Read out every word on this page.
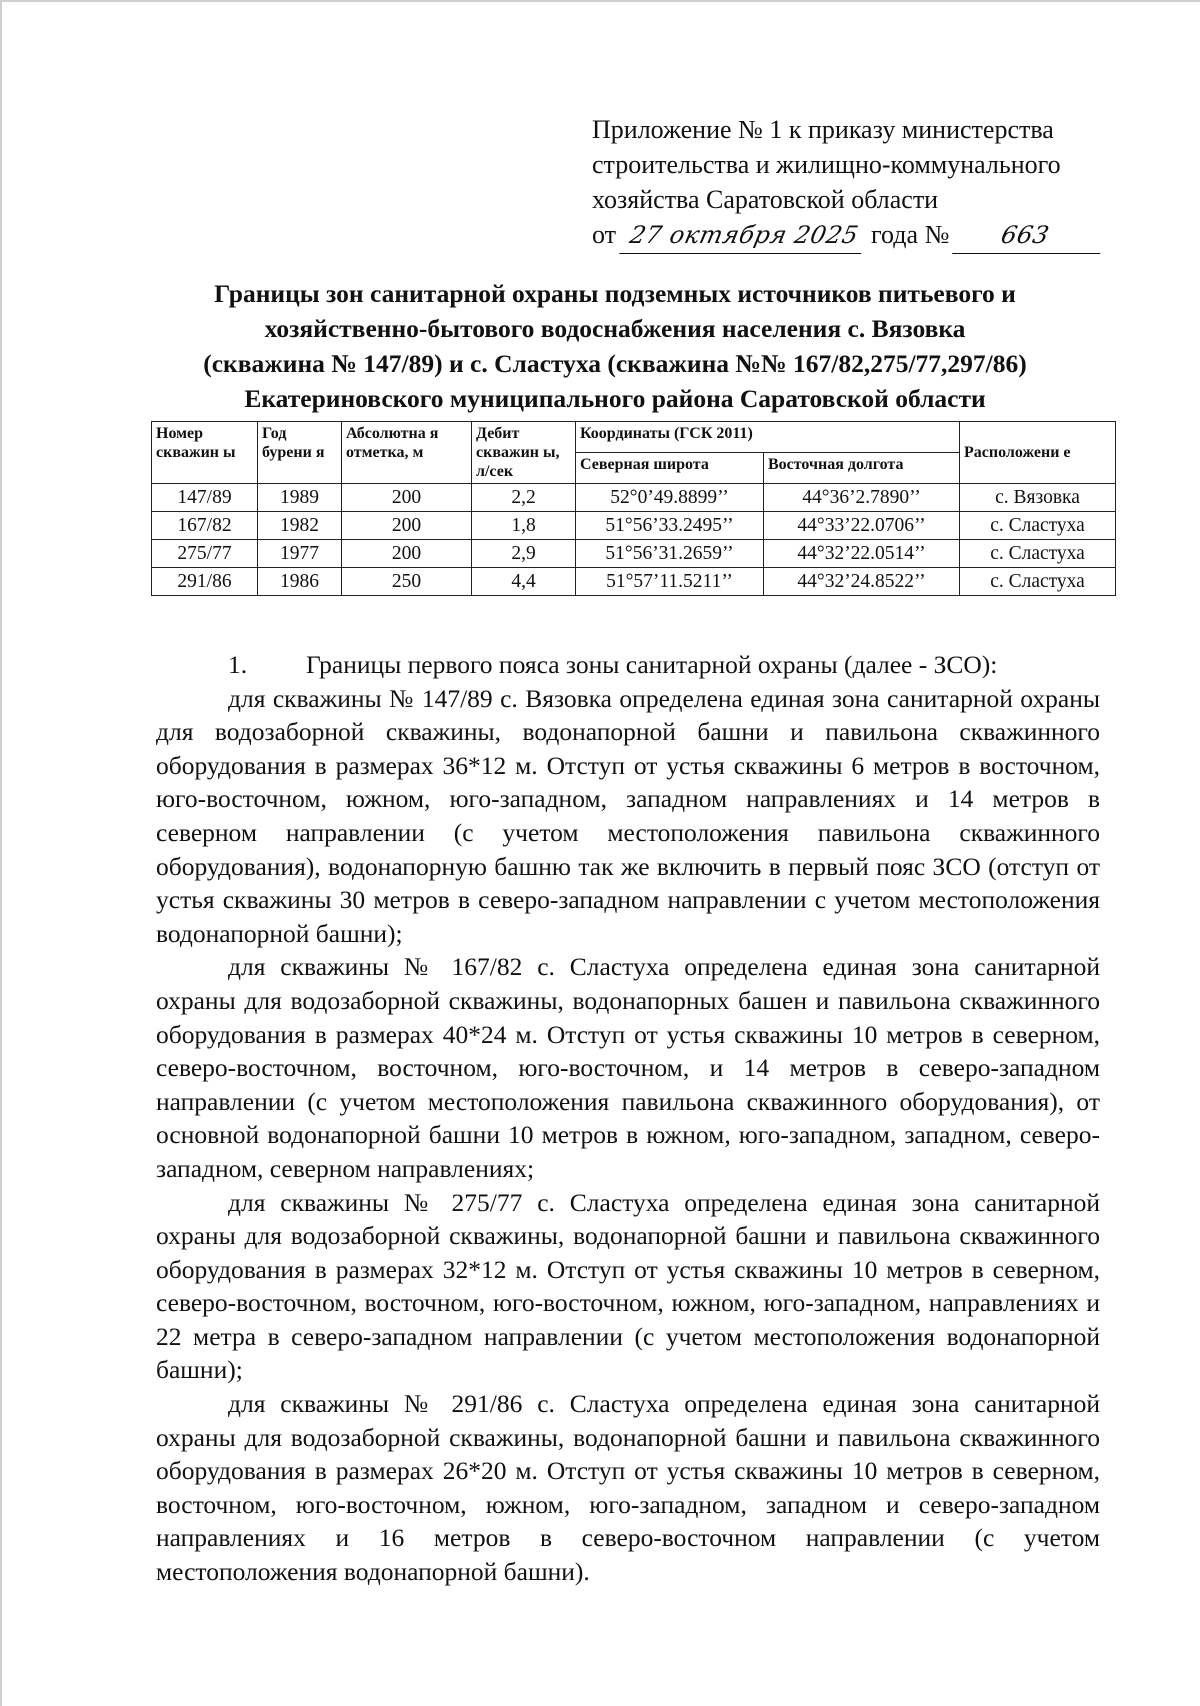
Приложение № 1 к приказу министерства
строительства и жилищно-коммунального
хозяйства Саратовской области
от 27 октября 2025 года № 663
Границы зон санитарной охраны подземных источников питьевого и
хозяйственно-бытового водоснабжения населения с. Вязовка
(скважина № 147/89) и с. Сластуха (скважина №№ 167/82,275/77,297/86)
Екатериновского муниципального района Саратовской области
Номер скважин ы	Год бурени я	Абсолютна я отметка, м	Дебит скважин ы, л/сек	Координаты (ГСК 2011)		Расположени е
				Северная широта	Восточная долгота	
147/89	1989	200	2,2	52°0’49.8899’’	44°36’2.7890’’	с. Вязовка
167/82	1982	200	1,8	51°56’33.2495’’	44°33’22.0706’’	с. Сластуха
275/77	1977	200	2,9	51°56’31.2659’’	44°32’22.0514’’	с. Сластуха
291/86	1986	250	4,4	51°57’11.5211’’	44°32’24.8522’’	с. Сластуха

1. Границы первого пояса зоны санитарной охраны (далее - ЗСО):

для скважины № 147/89 с. Вязовка определена единая зона санитарной охраны для водозаборной скважины, водонапорной башни и павильона скважинного оборудования в размерах 36*12 м. Отступ от устья скважины 6 метров в восточном, юго-восточном, южном, юго-западном, западном направлениях и 14 метров в северном направлении (с учетом местоположения павильона скважинного оборудования), водонапорную башню так же включить в первый пояс ЗСО (отступ от устья скважины 30 метров в северо-западном направлении с учетом местоположения водонапорной башни);

для скважины № 167/82 с. Сластуха определена единая зона санитарной охраны для водозаборной скважины, водонапорных башен и павильона скважинного оборудования в размерах 40*24 м. Отступ от устья скважины 10 метров в северном, северо-восточном, восточном, юго-восточном, и 14 метров в северо-западном направлении (с учетом местоположения павильона скважинного оборудования), от основной водонапорной башни 10 метров в южном, юго-западном, западном, северо-западном, северном направлениях;

для скважины № 275/77 с. Сластуха определена единая зона санитарной охраны для водозаборной скважины, водонапорной башни и павильона скважинного оборудования в размерах 32*12 м. Отступ от устья скважины 10 метров в северном, северо-восточном, восточном, юго-восточном, южном, юго-западном, направлениях и 22 метра в северо-западном направлении (с учетом местоположения водонапорной башни);

для скважины № 291/86 с. Сластуха определена единая зона санитарной охраны для водозаборной скважины, водонапорной башни и павильона скважинного оборудования в размерах 26*20 м. Отступ от устья скважины 10 метров в северном, восточном, юго-восточном, южном, юго-западном, западном и северо-западном направлениях и 16 метров в северо-восточном направлении (с учетом местоположения водонапорной башни).
